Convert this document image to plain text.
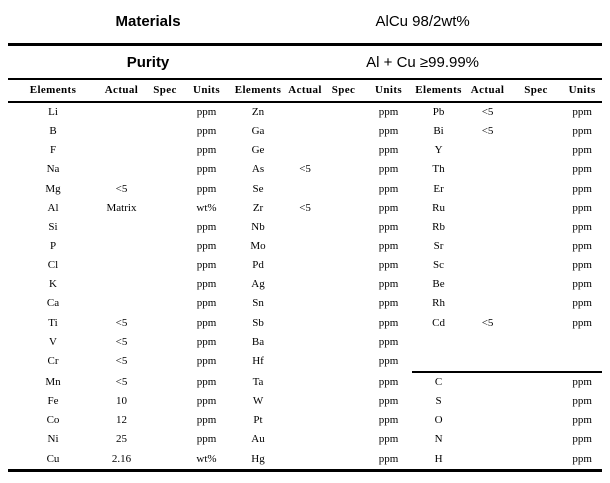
Materials					AlCu 98/2wt%						
Purity					Al + Cu ≥99.99%						
Elements	Actual	Spec	Units	Elements	Actual	Spec	Units	Elements	Actual	Spec	Units
Li			ppm	Zn			ppm	Pb	<5		ppm
B			ppm	Ga			ppm	Bi	<5		ppm
F			ppm	Ge			ppm	Y			ppm
Na			ppm	As	<5		ppm	Th			ppm
Mg	<5		ppm	Se			ppm	Er			ppm
Al	Matrix		wt%	Zr	<5		ppm	Ru			ppm
Si			ppm	Nb			ppm	Rb			ppm
P			ppm	Mo			ppm	Sr			ppm
Cl			ppm	Pd			ppm	Sc			ppm
K			ppm	Ag			ppm	Be			ppm
Ca			ppm	Sn			ppm	Rh			ppm
Ti	<5		ppm	Sb			ppm	Cd	<5		ppm
V	<5		ppm	Ba			ppm				
Cr	<5		ppm	Hf			ppm				
Mn	<5		ppm	Ta			ppm	C			ppm
Fe	10		ppm	W			ppm	S			ppm
Co	12		ppm	Pt			ppm	O			ppm
Ni	25		ppm	Au			ppm	N			ppm
Cu	2.16		wt%	Hg			ppm	H			ppm
